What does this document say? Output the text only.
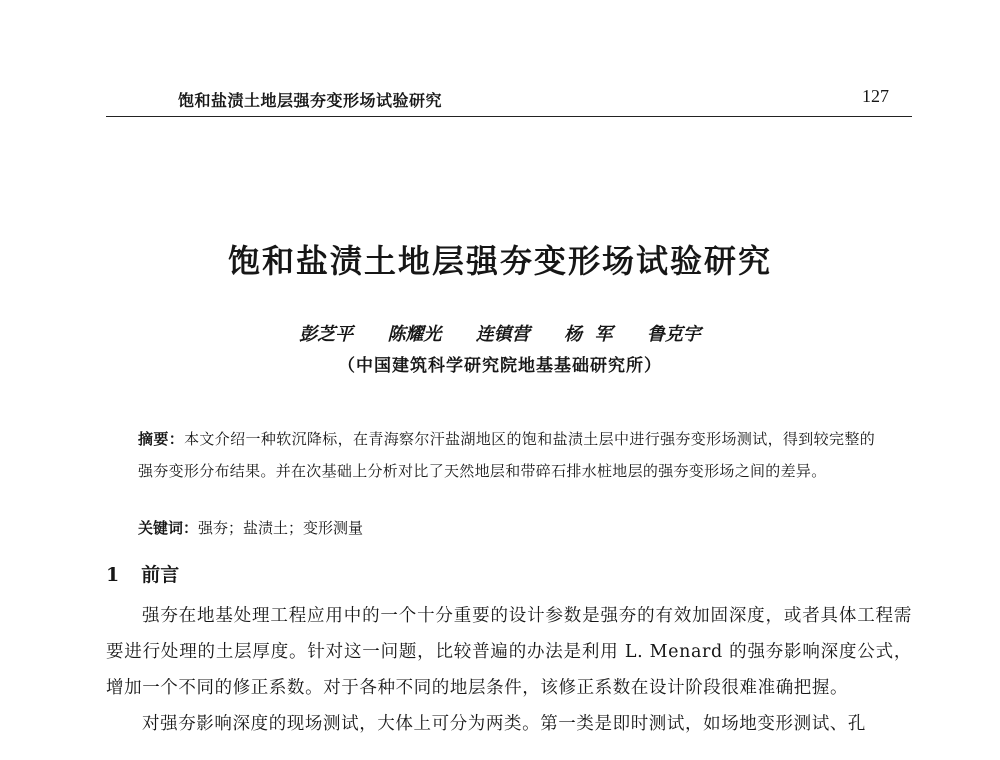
饱和盐渍土地层强夯变形场试验研究	127
饱和盐渍土地层强夯变形场试验研究
彭芝平 陈耀光 连镇营 杨  军 鲁克宇
（中国建筑科学研究院地基基础研究所）
摘要：本文介绍一种软沉降标，在青海察尔汗盐湖地区的饱和盐渍土层中进行强夯变形场测试，得到较完整的强夯变形分布结果。并在次基础上分析对比了天然地层和带碎石排水桩地层的强夯变形场之间的差异。
关键词：强夯；盐渍土；变形测量
1 前言

强夯在地基处理工程应用中的一个十分重要的设计参数是强夯的有效加固深度，或者具体工程需要进行处理的土层厚度。针对这一问题，比较普遍的办法是利用 L. Menard 的强夯影响深度公式，增加一个不同的修正系数。对于各种不同的地层条件，该修正系数在设计阶段很难准确把握。

对强夯影响深度的现场测试，大体上可分为两类。第一类是即时测试，如场地变形测试、孔
